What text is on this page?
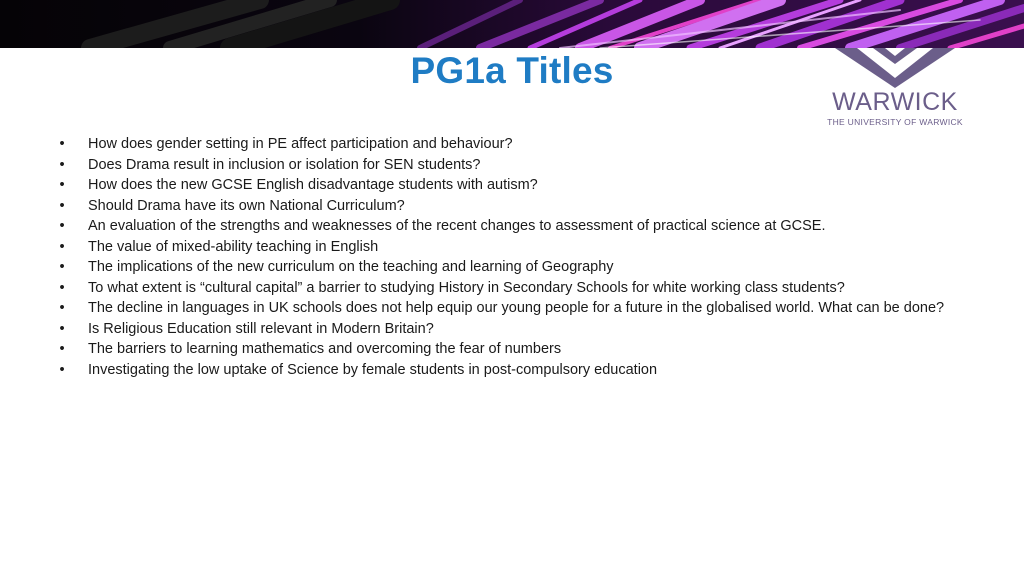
PG1a Titles
WARWICK
THE UNIVERSITY OF WARWICK
• How does gender setting in PE affect participation and behaviour?
• Does Drama result in inclusion or isolation for SEN students?
• How does the new GCSE English disadvantage students with autism?
• Should Drama have its own National Curriculum?
• An evaluation of the strengths and weaknesses of the recent changes to assessment of practical science at GCSE.
• The value of mixed-ability teaching in English
• The implications of the new curriculum on the teaching and learning of Geography
• To what extent is “cultural capital” a barrier to studying History in Secondary Schools for white working class students?
• The decline in languages in UK schools does not help equip our young people for a future in the globalised world. What can be done?
• Is Religious Education still relevant in Modern Britain?
• The barriers to learning mathematics and overcoming the fear of numbers
• Investigating the low uptake of Science by female students in post-compulsory education
